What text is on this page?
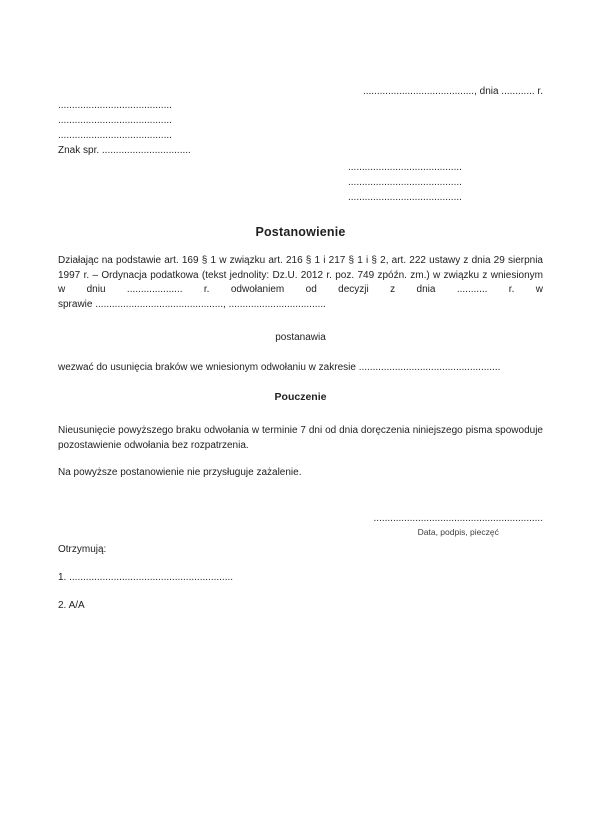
........................................, dnia ............ r.
.........................................
.........................................
.........................................
Znak spr. ................................
.........................................
.........................................
.........................................
Postanowienie
Działając na podstawie art. 169 § 1 w związku art. 216 § 1 i 217 § 1 i § 2, art. 222 ustawy z dnia 29 sierpnia
1997 r. – Ordynacja podatkowa (tekst jednolity: Dz.U. 2012 r. poz. 749 zpóźn. zm.) w związku z wniesionym
w dniu .................... r. odwołaniem od decyzji z dnia ........... r. w
sprawie .............................................., ...................................
postanawia
wezwać do usunięcia braków we wniesionym odwołaniu w zakresie ...................................................
Pouczenie
Nieusunięcie powyższego braku odwołania w terminie 7 dni od dnia doręczenia niniejszego pisma spowoduje
pozostawienie odwołania bez rozpatrzenia.
Na powyższe postanowienie nie przysługuje zażalenie.
.............................................................
Data, podpis, pieczęć
Otrzymują:
1. ...........................................................
2. A/A
